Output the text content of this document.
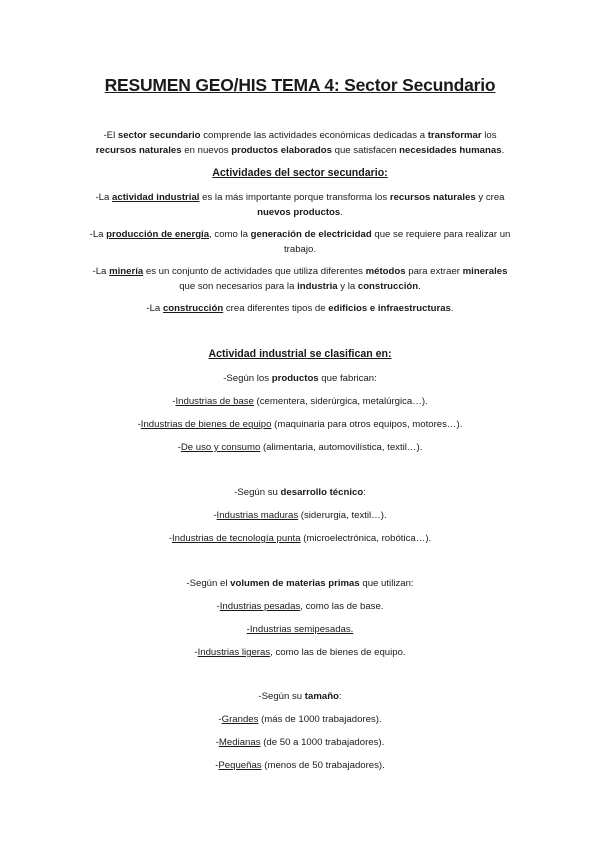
RESUMEN GEO/HIS TEMA 4: Sector Secundario
-El sector secundario comprende las actividades económicas dedicadas a transformar los recursos naturales en nuevos productos elaborados que satisfacen necesidades humanas.
Actividades del sector secundario:
-La actividad industrial es la más importante porque transforma los recursos naturales y crea nuevos productos.
-La producción de energía, como la generación de electricidad que se requiere para realizar un trabajo.
-La minería es un conjunto de actividades que utiliza diferentes métodos para extraer minerales que son necesarios para la industria y la construcción.
-La construcción crea diferentes tipos de edificios e infraestructuras.
Actividad industrial se clasifican en:
-Según los productos que fabrican:
-Industrias de base (cementera, siderúrgica, metalúrgica…).
-Industrias de bienes de equipo (maquinaria para otros equipos, motores…).
-De uso y consumo (alimentaria, automovilística, textil…).
-Según su desarrollo técnico:
-Industrias maduras (siderurgia, textil…).
-Industrias de tecnología punta (microelectrónica, robótica…).
-Según el volumen de materias primas que utilizan:
-Industrias pesadas, como las de base.
-Industrias semipesadas.
-Industrias ligeras, como las de bienes de equipo.
-Según su tamaño:
-Grandes (más de 1000 trabajadores).
-Medianas (de 50 a 1000 trabajadores).
-Pequeñas (menos de 50 trabajadores).
